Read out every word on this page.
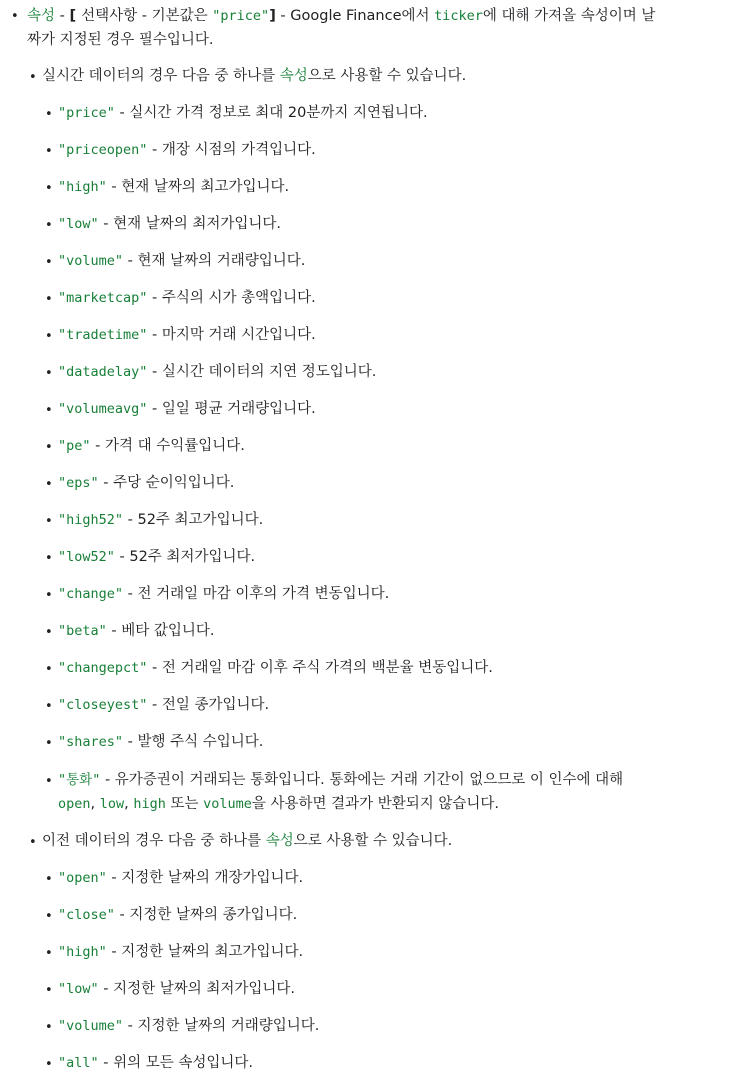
• 속성 - [ 선택사항 - 기본값은 "price"] - Google Finance에서 ticker에 대해 가져올 속성이며 날
짜가 지정된 경우 필수입니다.
• 실시간 데이터의 경우 다음 중 하나를 속성으로 사용할 수 있습니다.
• "price" - 실시간 가격 정보로 최대 20분까지 지연됩니다.
• "priceopen" - 개장 시점의 가격입니다.
• "high" - 현재 날짜의 최고가입니다.
• "low" - 현재 날짜의 최저가입니다.
• "volume" - 현재 날짜의 거래량입니다.
• "marketcap" - 주식의 시가 총액입니다.
• "tradetime" - 마지막 거래 시간입니다.
• "datadelay" - 실시간 데이터의 지연 정도입니다.
• "volumeavg" - 일일 평균 거래량입니다.
• "pe" - 가격 대 수익률입니다.
• "eps" - 주당 순이익입니다.
• "high52" - 52주 최고가입니다.
• "low52" - 52주 최저가입니다.
• "change" - 전 거래일 마감 이후의 가격 변동입니다.
• "beta" - 베타 값입니다.
• "changepct" - 전 거래일 마감 이후 주식 가격의 백분율 변동입니다.
• "closeyest" - 전일 종가입니다.
• "shares" - 발행 주식 수입니다.
• "통화" - 유가증권이 거래되는 통화입니다. 통화에는 거래 기간이 없으므로 이 인수에 대해
open, low, high 또는 volume을 사용하면 결과가 반환되지 않습니다.
• 이전 데이터의 경우 다음 중 하나를 속성으로 사용할 수 있습니다.
• "open" - 지정한 날짜의 개장가입니다.
• "close" - 지정한 날짜의 종가입니다.
• "high" - 지정한 날짜의 최고가입니다.
• "low" - 지정한 날짜의 최저가입니다.
• "volume" - 지정한 날짜의 거래량입니다.
• "all" - 위의 모든 속성입니다.
